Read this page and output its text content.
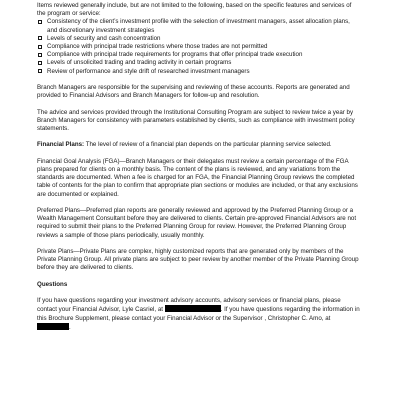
Items reviewed generally include, but are not limited to the following, based on the specific features and services of the program or service:

Consistency of the client’s investment profile with the selection of investment managers, asset allocation plans, and discretionary investment strategies
Levels of security and cash concentration
Compliance with principal trade restrictions where those trades are not permitted
Compliance with principal trade requirements for programs that offer principal trade execution
Levels of unsolicited trading and trading activity in certain programs
Review of performance and style drift of researched investment managers

Branch Managers are responsible for the supervising and reviewing of these accounts. Reports are generated and provided to Financial Advisors and Branch Managers for follow-up and resolution.

The advice and services provided through the Institutional Consulting Program are subject to review twice a year by Branch Managers for consistency with parameters established by clients, such as compliance with investment policy statements.

Financial Plans: The level of review of a financial plan depends on the particular planning service selected.

Financial Goal Analysis (FGA)—Branch Managers or their delegates must review a certain percentage of the FGA plans prepared for clients on a monthly basis. The content of the plans is reviewed, and any variations from the standards are documented. When a fee is charged for an FGA, the Financial Planning Group reviews the completed table of contents for the plan to confirm that appropriate plan sections or modules are included, or that any exclusions are documented or explained.

Preferred Plans—Preferred plan reports are generally reviewed and approved by the Preferred Planning Group or a Wealth Management Consultant before they are delivered to clients. Certain pre-approved Financial Advisors are not required to submit their plans to the Preferred Planning Group for review. However, the Preferred Planning Group reviews a sample of those plans periodically, usually monthly.

Private Plans—Private Plans are complex, highly customized reports that are generated only by members of the Private Planning Group. All private plans are subject to peer review by another member of the Private Planning Group before they are delivered to clients.

Questions

If you have questions regarding your investment advisory accounts, advisory services or financial plans, please contact your Financial Advisor, Lyle Casriel, at	. If you have questions regarding the information in this Brochure Supplement, please contact your Financial Advisor or the Supervisor , Christopher C. Amo, at
.
